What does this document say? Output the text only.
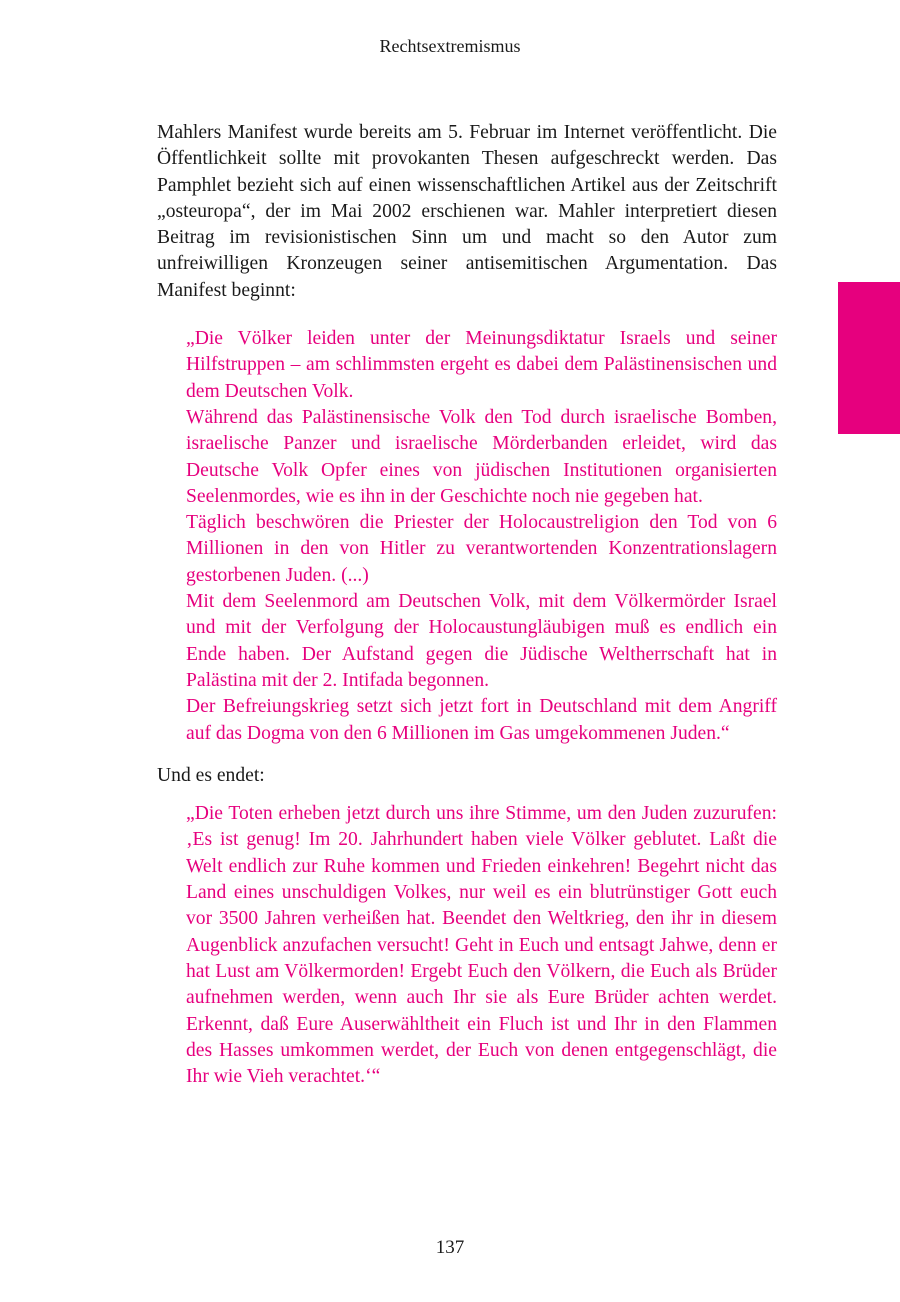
Rechtsextremismus

Mahlers Manifest wurde bereits am 5. Februar im Internet veröffentlicht. Die Öffentlichkeit sollte mit provokanten Thesen aufgeschreckt werden. Das Pamphlet bezieht sich auf einen wissenschaftlichen Artikel aus der Zeitschrift „osteuropa“, der im Mai 2002 erschienen war. Mahler interpretiert diesen Beitrag im revisionistischen Sinn um und macht so den Autor zum unfreiwilligen Kronzeugen seiner antisemitischen Argumentation. Das Manifest beginnt:

„Die Völker leiden unter der Meinungsdiktatur Israels und seiner Hilfstruppen – am schlimmsten ergeht es dabei dem Palästinensischen und dem Deutschen Volk.

Während das Palästinensische Volk den Tod durch israelische Bomben, israelische Panzer und israelische Mörderbanden erleidet, wird das Deutsche Volk Opfer eines von jüdischen Institutionen organisierten Seelenmordes, wie es ihn in der Geschichte noch nie gegeben hat.

Täglich beschwören die Priester der Holocaustreligion den Tod von 6 Millionen in den von Hitler zu verantwortenden Konzentrationslagern gestorbenen Juden. (...)

Mit dem Seelenmord am Deutschen Volk, mit dem Völkermörder Israel und mit der Verfolgung der Holocaustungläubigen muß es endlich ein Ende haben. Der Aufstand gegen die Jüdische Weltherrschaft hat in Palästina mit der 2. Intifada begonnen.

Der Befreiungskrieg setzt sich jetzt fort in Deutschland mit dem Angriff auf das Dogma von den 6 Millionen im Gas umgekommenen Juden.“

Und es endet:

„Die Toten erheben jetzt durch uns ihre Stimme, um den Juden zuzurufen: ‚Es ist genug! Im 20. Jahrhundert haben viele Völker geblutet. Laßt die Welt endlich zur Ruhe kommen und Frieden einkehren! Begehrt nicht das Land eines unschuldigen Volkes, nur weil es ein blutrünstiger Gott euch vor 3500 Jahren verheißen hat. Beendet den Weltkrieg, den ihr in diesem Augenblick anzufachen versucht! Geht in Euch und entsagt Jahwe, denn er hat Lust am Völkermorden! Ergebt Euch den Völkern, die Euch als Brüder aufnehmen werden, wenn auch Ihr sie als Eure Brüder achten werdet. Erkennt, daß Eure Auserwähltheit ein Fluch ist und Ihr in den Flammen des Hasses umkommen werdet, der Euch von denen entgegenschlägt, die Ihr wie Vieh verachtet.‘“

137
